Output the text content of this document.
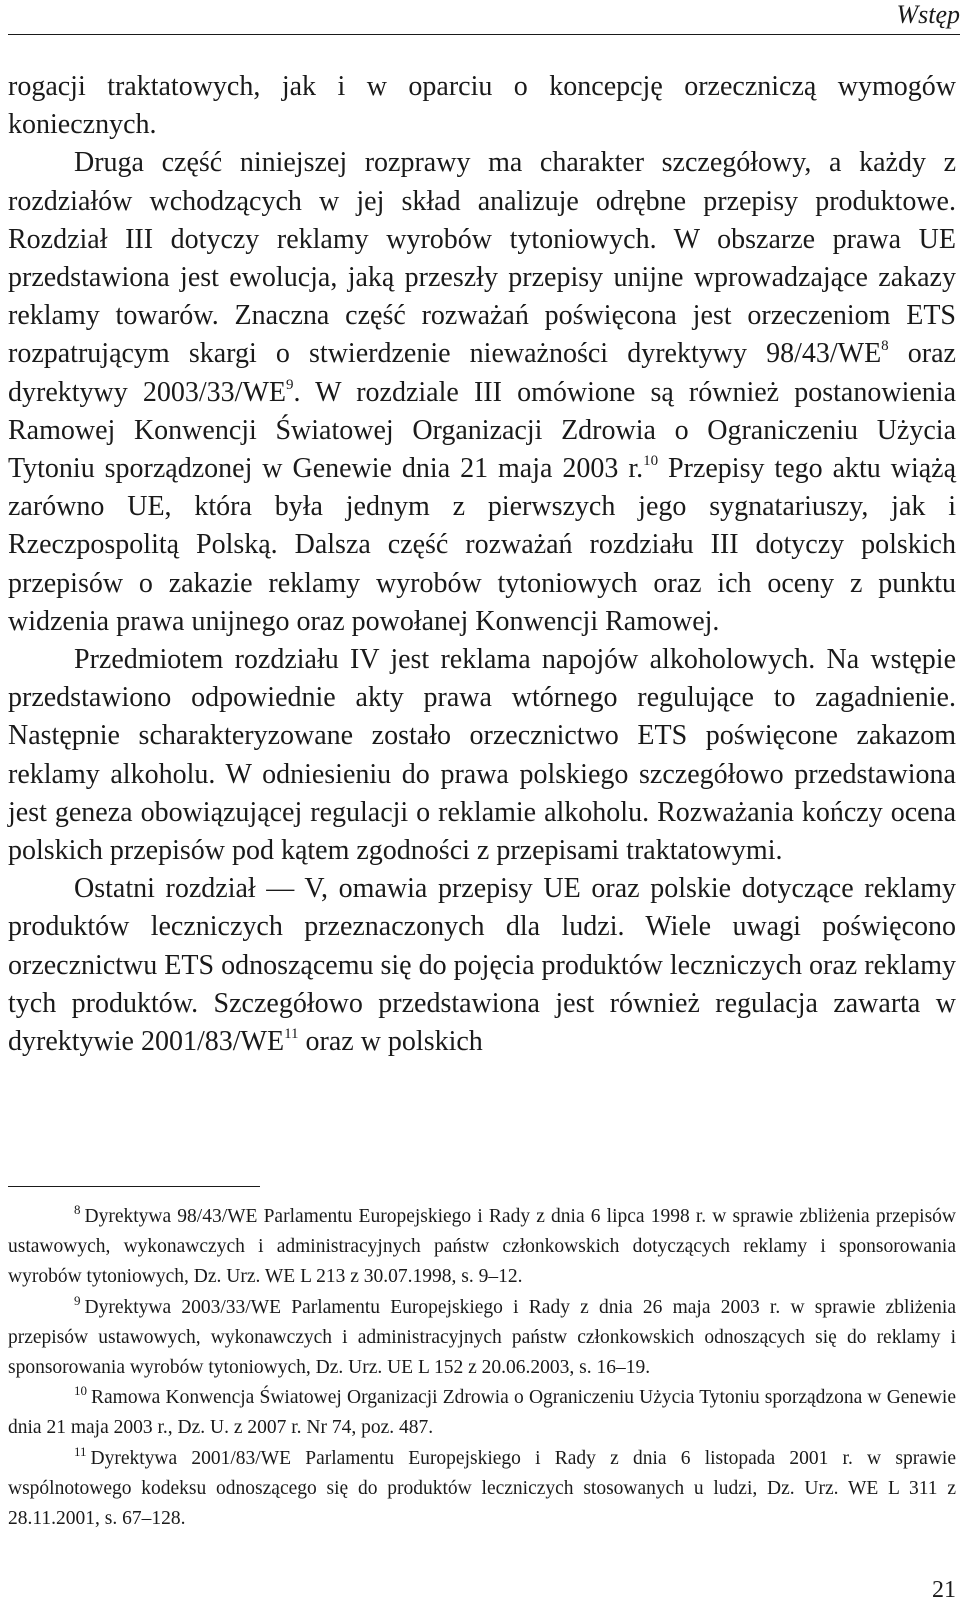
Wstęp

rogacji traktatowych, jak i w oparciu o koncepcję orzeczniczą wymogów koniecznych.

Druga część niniejszej rozprawy ma charakter szczegółowy, a każdy z rozdziałów wchodzących w jej skład analizuje odrębne przepisy produktowe. Rozdział III dotyczy reklamy wyrobów tytoniowych. W obszarze prawa UE przedstawiona jest ewolucja, jaką przeszły przepisy unijne wprowadzające zakazy reklamy towarów. Znaczna część rozważań poświęcona jest orzeczeniom ETS rozpatrującym skargi o stwierdzenie nieważności dyrektywy 98/43/WE$^8$ oraz dyrektywy 2003/33/WE$^9$. W rozdziale III omówione są również postanowienia Ramowej Konwencji Światowej Organizacji Zdrowia o Ograniczeniu Użycia Tytoniu sporządzonej w Genewie dnia 21 maja 2003 r.$^{10}$ Przepisy tego aktu wiążą zarówno UE, która była jednym z pierwszych jego sygnatariuszy, jak i Rzeczpospolitą Polską. Dalsza część rozważań rozdziału III dotyczy polskich przepisów o zakazie reklamy wyrobów tytoniowych oraz ich oceny z punktu widzenia prawa unijnego oraz powołanej Konwencji Ramowej.

Przedmiotem rozdziału IV jest reklama napojów alkoholowych. Na wstępie przedstawiono odpowiednie akty prawa wtórnego regulujące to zagadnienie. Następnie scharakteryzowane zostało orzecznictwo ETS poświęcone zakazom reklamy alkoholu. W odniesieniu do prawa polskiego szczegółowo przedstawiona jest geneza obowiązującej regulacji o reklamie alkoholu. Rozważania kończy ocena polskich przepisów pod kątem zgodności z przepisami traktatowymi.

Ostatni rozdział — V, omawia przepisy UE oraz polskie dotyczące reklamy produktów leczniczych przeznaczonych dla ludzi. Wiele uwagi poświęcono orzecznictwu ETS odnoszącemu się do pojęcia produktów leczniczych oraz reklamy tych produktów. Szczegółowo przedstawiona jest również regulacja zawarta w dyrektywie 2001/83/WE$^{11}$ oraz w polskich

$^8$ Dyrektywa 98/43/WE Parlamentu Europejskiego i Rady z dnia 6 lipca 1998 r. w sprawie zbliżenia przepisów ustawowych, wykonawczych i administracyjnych państw członkowskich dotyczących reklamy i sponsorowania wyrobów tytoniowych, Dz. Urz. WE L 213 z 30.07.1998, s. 9–12.

$^9$ Dyrektywa 2003/33/WE Parlamentu Europejskiego i Rady z dnia 26 maja 2003 r. w sprawie zbliżenia przepisów ustawowych, wykonawczych i administracyjnych państw członkowskich odnoszących się do reklamy i sponsorowania wyrobów tytoniowych, Dz. Urz. UE L 152 z 20.06.2003, s. 16–19.

$^{10}$ Ramowa Konwencja Światowej Organizacji Zdrowia o Ograniczeniu Użycia Tytoniu sporządzona w Genewie dnia 21 maja 2003 r., Dz. U. z 2007 r. Nr 74, poz. 487.

$^{11}$ Dyrektywa 2001/83/WE Parlamentu Europejskiego i Rady z dnia 6 listopada 2001 r. w sprawie wspólnotowego kodeksu odnoszącego się do produktów leczniczych stosowanych u ludzi, Dz. Urz. WE L 311 z 28.11.2001, s. 67–128.

21
